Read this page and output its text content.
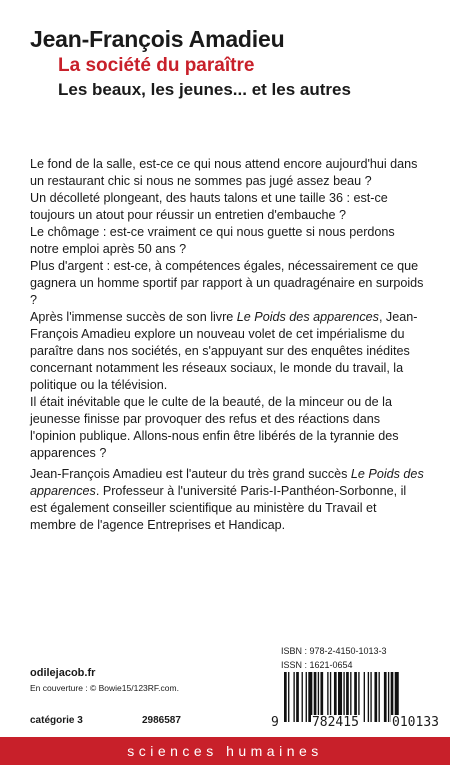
Jean-François Amadieu
La société du paraître
Les beaux, les jeunes... et les autres

Le fond de la salle, est-ce ce qui nous attend encore aujourd'hui dans un restaurant chic si nous ne sommes pas jugé assez beau ?

Un décolleté plongeant, des hauts talons et une taille 36 : est-ce toujours un atout pour réussir un entretien d'embauche ?

Le chômage : est-ce vraiment ce qui nous guette si nous perdons notre emploi après 50 ans ?

Plus d'argent : est-ce, à compétences égales, nécessairement ce que gagnera un homme sportif par rapport à un quadragénaire en surpoids ?

Après l'immense succès de son livre Le Poids des apparences, Jean-François Amadieu explore un nouveau volet de cet impérialisme du paraître dans nos sociétés, en s'appuyant sur des enquêtes inédites concernant notamment les réseaux sociaux, le monde du travail, la politique ou la télévision.

Il était inévitable que le culte de la beauté, de la minceur ou de la jeunesse finisse par provoquer des refus et des réactions dans l'opinion publique. Allons-nous enfin être libérés de la tyrannie des apparences ?

Jean-François Amadieu est l'auteur du très grand succès Le Poids des apparences. Professeur à l'université Paris-I-Panthéon-Sorbonne, il est également conseiller scientifique au ministère du Travail et membre de l'agence Entreprises et Handicap.

ISBN : 978-2-4150-1013-3
ISSN : 1621-0654
odilejacob.fr
En couverture : © Bowie15/123RF.com.
catégorie 3	2986587	9	782415	010133
sciences humaines
